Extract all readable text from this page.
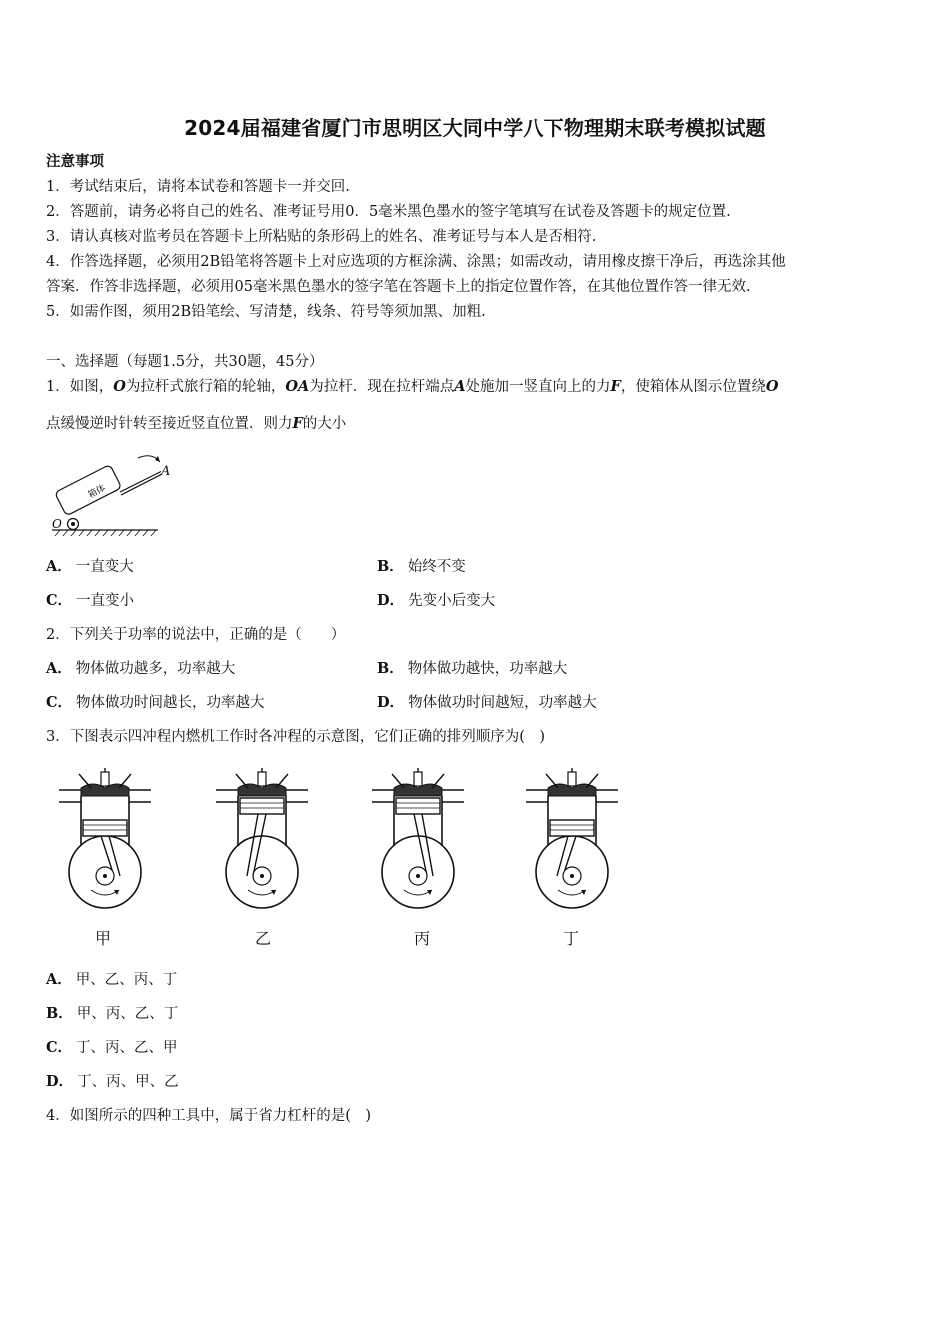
2024届福建省厦门市思明区大同中学八下物理期末联考模拟试题
注意事项
1．考试结束后，请将本试卷和答题卡一并交回.
2．答题前，请务必将自己的姓名、准考证号用0．5毫米黑色墨水的签字笔填写在试卷及答题卡的规定位置.
3．请认真核对监考员在答题卡上所粘贴的条形码上的姓名、准考证号与本人是否相符.
4．作答选择题，必须用2B铅笔将答题卡上对应选项的方框涂满、涂黑；如需改动，请用橡皮擦干净后，再选涂其他
答案．作答非选择题，必须用05毫米黑色墨水的签字笔在答题卡上的指定位置作答，在其他位置作答一律无效.
5．如需作图，须用2B铅笔绘、写清楚，线条、符号等须加黑、加粗.
一、选择题（每题1.5分，共30题，45分）
1．如图，O为拉杆式旅行箱的轮轴，OA为拉杆．现在拉杆端点A处施加一竖直向上的力F，使箱体从图示位置绕O
点缓慢逆时针转至接近竖直位置．则力F的大小
箱体
O
A
A． 一直变大	B． 始终不变
C． 一直变小	D． 先变小后变大
2．下列关于功率的说法中，正确的是（　　）
A． 物体做功越多，功率越大	B． 物体做功越快，功率越大
C． 物体做功时间越长，功率越大	D． 物体做功时间越短，功率越大
3．下图表示四冲程内燃机工作时各冲程的示意图，它们正确的排列顺序为(　)
甲	乙	丙	丁
A． 甲、乙、丙、丁
B． 甲、丙、乙、丁
C． 丁、丙、乙、甲
D． 丁、丙、甲、乙
4．如图所示的四种工具中，属于省力杠杆的是(　)
